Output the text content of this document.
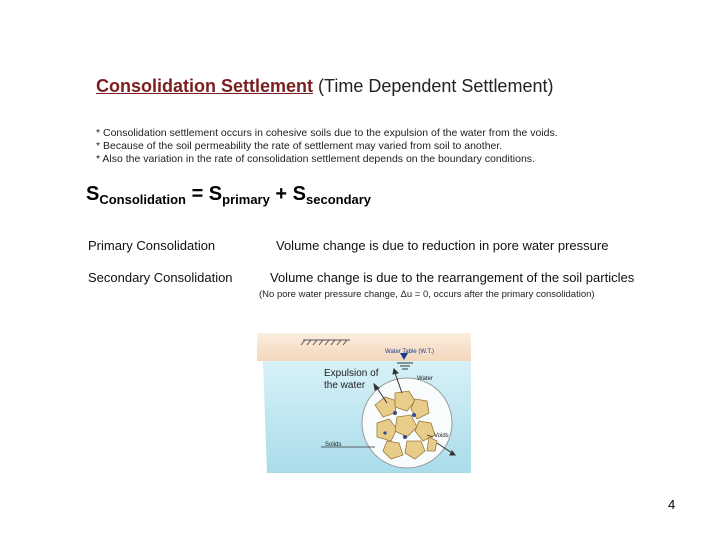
Consolidation Settlement (Time Dependent Settlement)
* Consolidation settlement occurs in cohesive soils due to the expulsion of the water from the voids.
* Because of the soil permeability the rate of settlement may varied from soil to another.
* Also the variation in the rate of consolidation settlement depends on the boundary conditions.
$S_{Consolidation} = S_{primary} + S_{secondary}$
Primary Consolidation	Volume change is due to reduction in pore water pressure
Secondary Consolidation	Volume change is due to the rearrangement of the soil particles
(No pore water pressure change, Δu = 0, occurs after the primary consolidation)
Water Table (W.T.)
Expulsion of
the water
Water
Voids
Solids
4
